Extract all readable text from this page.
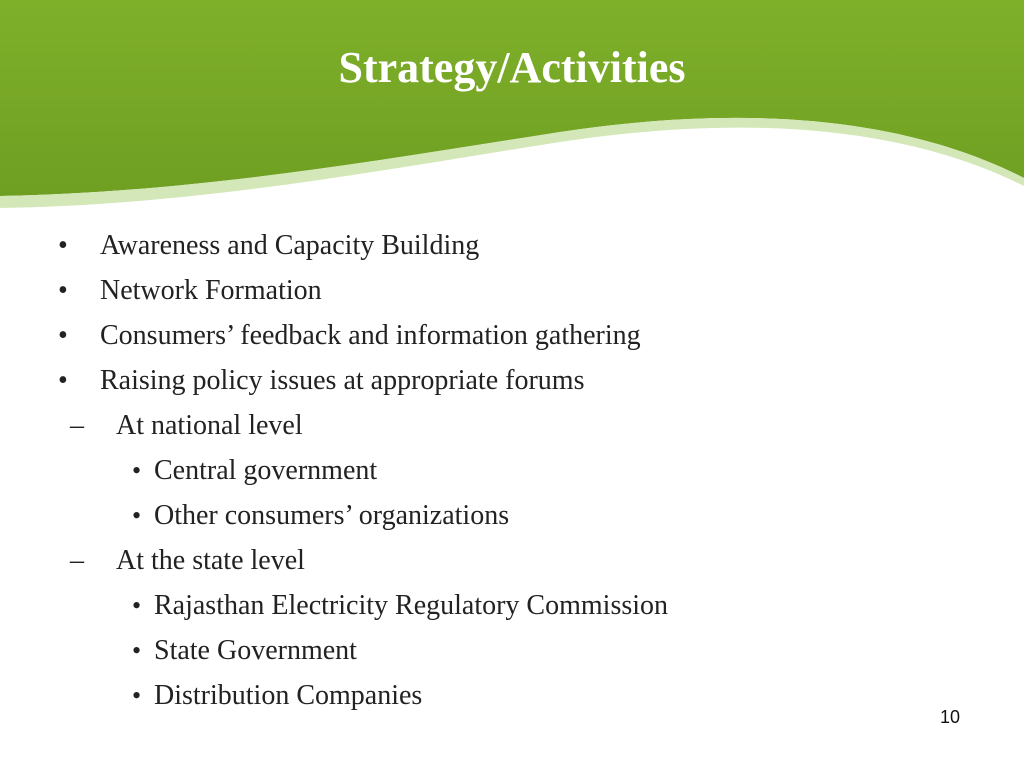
Strategy/Activities
• Awareness and Capacity Building
• Network Formation
• Consumers’ feedback and information gathering
• Raising policy issues at appropriate forums
– At national level
• Central government
• Other consumers’ organizations
– At the state level
• Rajasthan Electricity Regulatory Commission
• State Government
• Distribution Companies
10
